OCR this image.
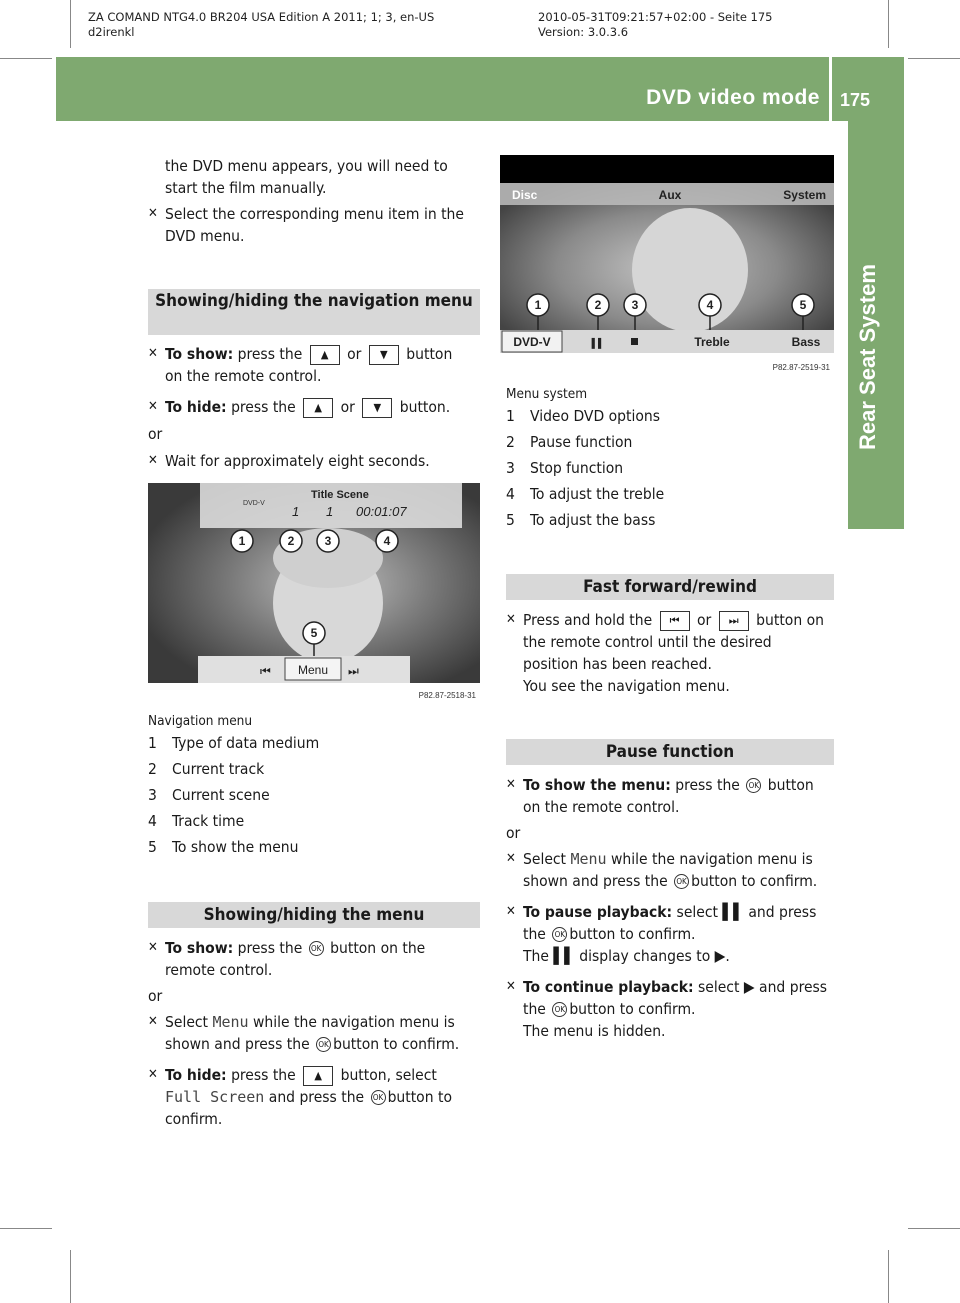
ZA COMAND NTG4.0 BR204 USA Edition A 2011; 1; 3, en-US
d2irenkl
2010-05-31T09:21:57+02:00 - Seite 175
Version: 3.0.3.6
DVD video mode 175
Rear Seat System
the DVD menu appears, you will need to
start the film manually.
✕ Select the corresponding menu item in the
DVD menu.
Showing/hiding the navigation menu
✕ To show: press the ▲ or ▼ button
on the remote control.
✕ To hide: press the ▲ or ▼ button.
or
✕ Wait for approximately eight seconds.
DVD-V
Title Scene
1 1 00:01:07
1	2	3	4
5
⏮ Menu ⏭
P82.87-2518-31
Navigation menu
1 Type of data medium
2 Current track
3 Current scene
4 Track time
5 To show the menu
Showing/hiding the menu
✕ To show: press the OK button on the
remote control.
or
✕ Select Menu while the navigation menu is
shown and press the OK button to confirm.
✕ To hide: press the ▲ button, select
Full Screen and press the OK button to
confirm.
Disc	Aux	System
1	2	3	4	5
DVD-V	▌▌	Treble	Bass
P82.87-2519-31
Menu system
1 Video DVD options
2 Pause function
3 Stop function
4 To adjust the treble
5 To adjust the bass
Fast forward/rewind
✕ Press and hold the ⏮ or ⏭ button on
the remote control until the desired
position has been reached.
You see the navigation menu.
Pause function
✕ To show the menu: press the OK button
on the remote control.
or
✕ Select Menu while the navigation menu is
shown and press the OK button to confirm.
✕ To pause playback: select ▌▌ and press
the OK button to confirm.
The ▌▌ display changes to ▶.
✕ To continue playback: select ▶ and press
the OK button to confirm.
The menu is hidden.
